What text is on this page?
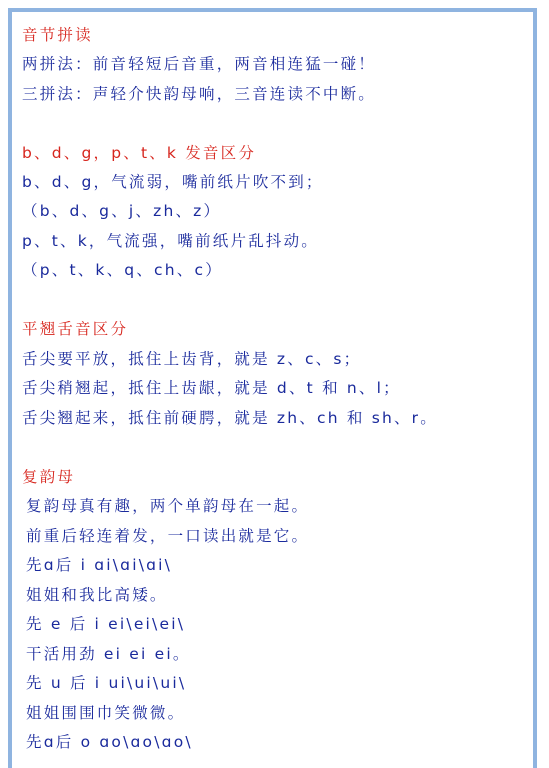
音节拼读
两拼法：前音轻短后音重，两音相连猛一碰！
三拼法：声轻介快韵母响，三音连读不中断。
b、d、g，p、t、k 发音区分
b、d、g，气流弱，嘴前纸片吹不到；
（b、d、g、j、zh、z）
p、t、k，气流强，嘴前纸片乱抖动。
（p、t、k、q、ch、c）
平翘舌音区分
舌尖要平放，抵住上齿背，就是 z、c、s；
舌尖稍翘起，抵住上齿龈，就是 d、t 和 n、l；
舌尖翘起来，抵住前硬腭，就是 zh、ch 和 sh、r。
复韵母
复韵母真有趣，两个单韵母在一起。
前重后轻连着发，一口读出就是它。
先ɑ后 i ɑi\ɑi\ɑi\
姐姐和我比高矮。
先 e 后 i ei\ei\ei\
干活用劲 ei ei ei。
先 u 后 i ui\ui\ui\
姐姐围围巾笑微微。
先ɑ后 o ɑo\ɑo\ɑo\
